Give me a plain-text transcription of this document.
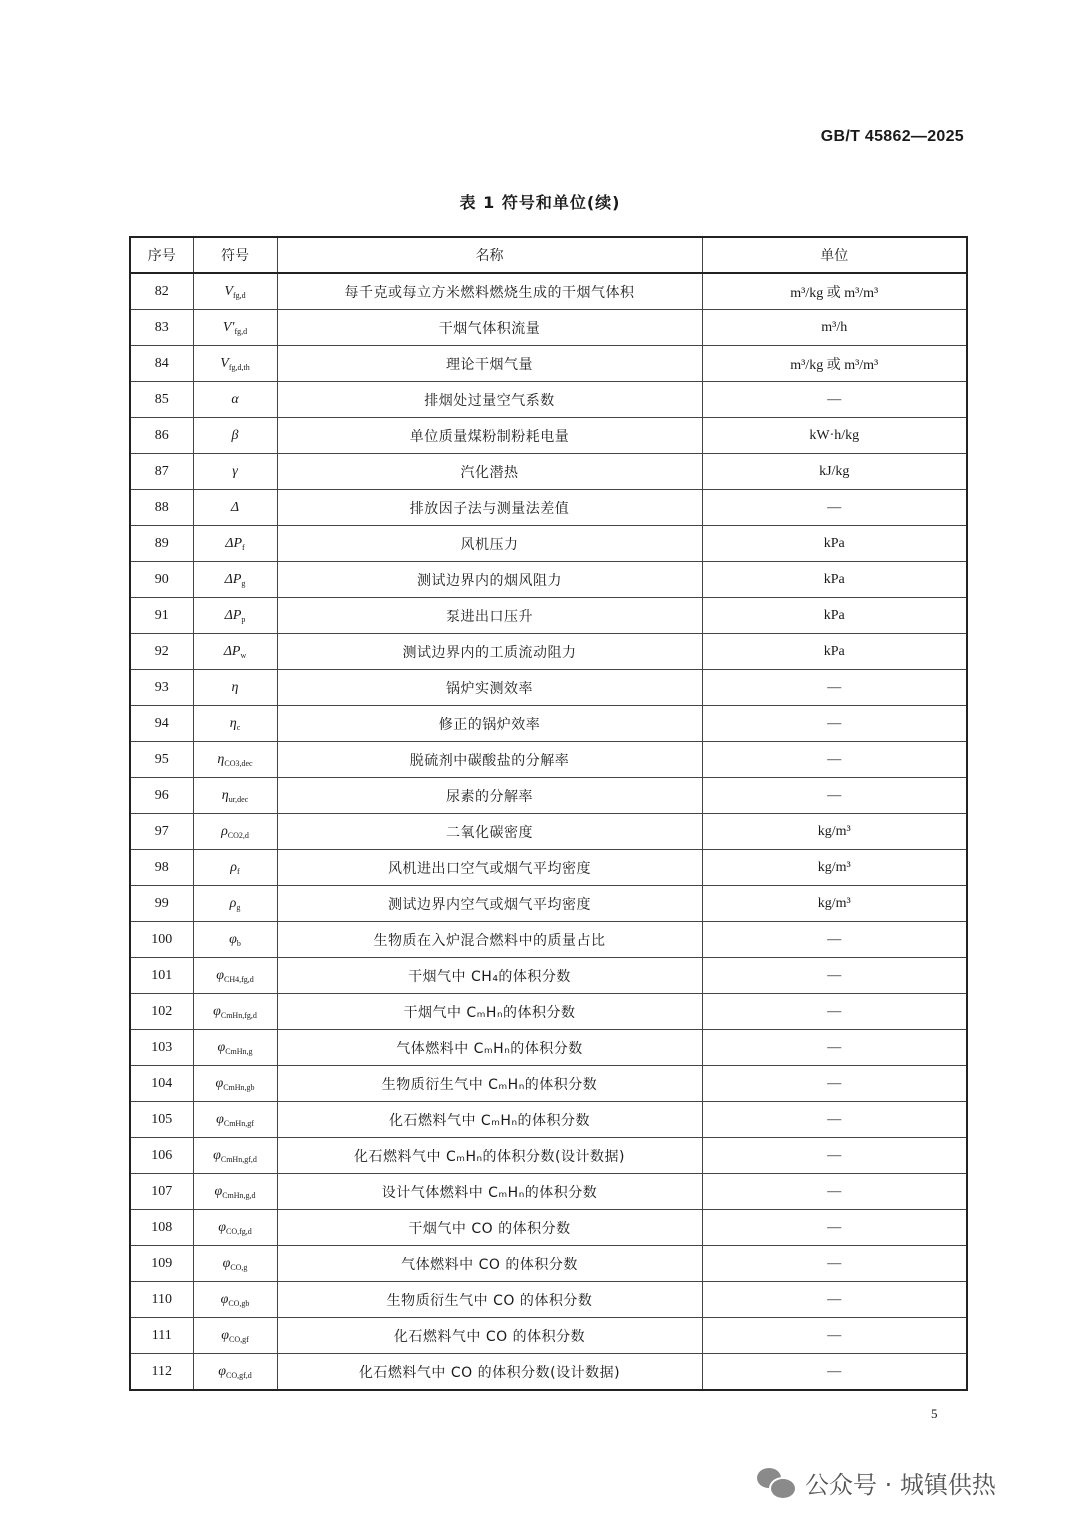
GB/T 45862—2025
表 1 符号和单位(续)
序号	符号	名称	单位
82	$V_{fg,d}$	每千克或每立方米燃料燃烧生成的干烟气体积	m³/kg 或 m³/m³
83	$V'_{fg,d}$	干烟气体积流量	m³/h
84	$V_{fg,d,th}$	理论干烟气量	m³/kg 或 m³/m³
85	α	排烟处过量空气系数	—
86	β	单位质量煤粉制粉耗电量	kW·h/kg
87	γ	汽化潜热	kJ/kg
88	Δ	排放因子法与测量法差值	—
89	$\Delta P_f$	风机压力	kPa
90	$\Delta P_g$	测试边界内的烟风阻力	kPa
91	$\Delta P_p$	泵进出口压升	kPa
92	$\Delta P_w$	测试边界内的工质流动阻力	kPa
93	η	锅炉实测效率	—
94	$\eta_c$	修正的锅炉效率	—
95	$\eta_{CO3,dec}$	脱硫剂中碳酸盐的分解率	—
96	$\eta_{ur,dec}$	尿素的分解率	—
97	$\rho_{CO2,d}$	二氧化碳密度	kg/m³
98	$\rho_f$	风机进出口空气或烟气平均密度	kg/m³
99	$\rho_g$	测试边界内空气或烟气平均密度	kg/m³
100	$\varphi_b$	生物质在入炉混合燃料中的质量占比	—
101	$\varphi_{CH4,fg,d}$	干烟气中 CH₄的体积分数	—
102	$\varphi_{CmHn,fg,d}$	干烟气中 CₘHₙ的体积分数	—
103	$\varphi_{CmHn,g}$	气体燃料中 CₘHₙ的体积分数	—
104	$\varphi_{CmHn,gb}$	生物质衍生气中 CₘHₙ的体积分数	—
105	$\varphi_{CmHn,gf}$	化石燃料气中 CₘHₙ的体积分数	—
106	$\varphi_{CmHn,gf,d}$	化石燃料气中 CₘHₙ的体积分数(设计数据)	—
107	$\varphi_{CmHn,g,d}$	设计气体燃料中 CₘHₙ的体积分数	—
108	$\varphi_{CO,fg,d}$	干烟气中 CO 的体积分数	—
109	$\varphi_{CO,g}$	气体燃料中 CO 的体积分数	—
110	$\varphi_{CO,gb}$	生物质衍生气中 CO 的体积分数	—
111	$\varphi_{CO,gf}$	化石燃料气中 CO 的体积分数	—
112	$\varphi_{CO,gf,d}$	化石燃料气中 CO 的体积分数(设计数据)	—
5
公众号 · 城镇供热
